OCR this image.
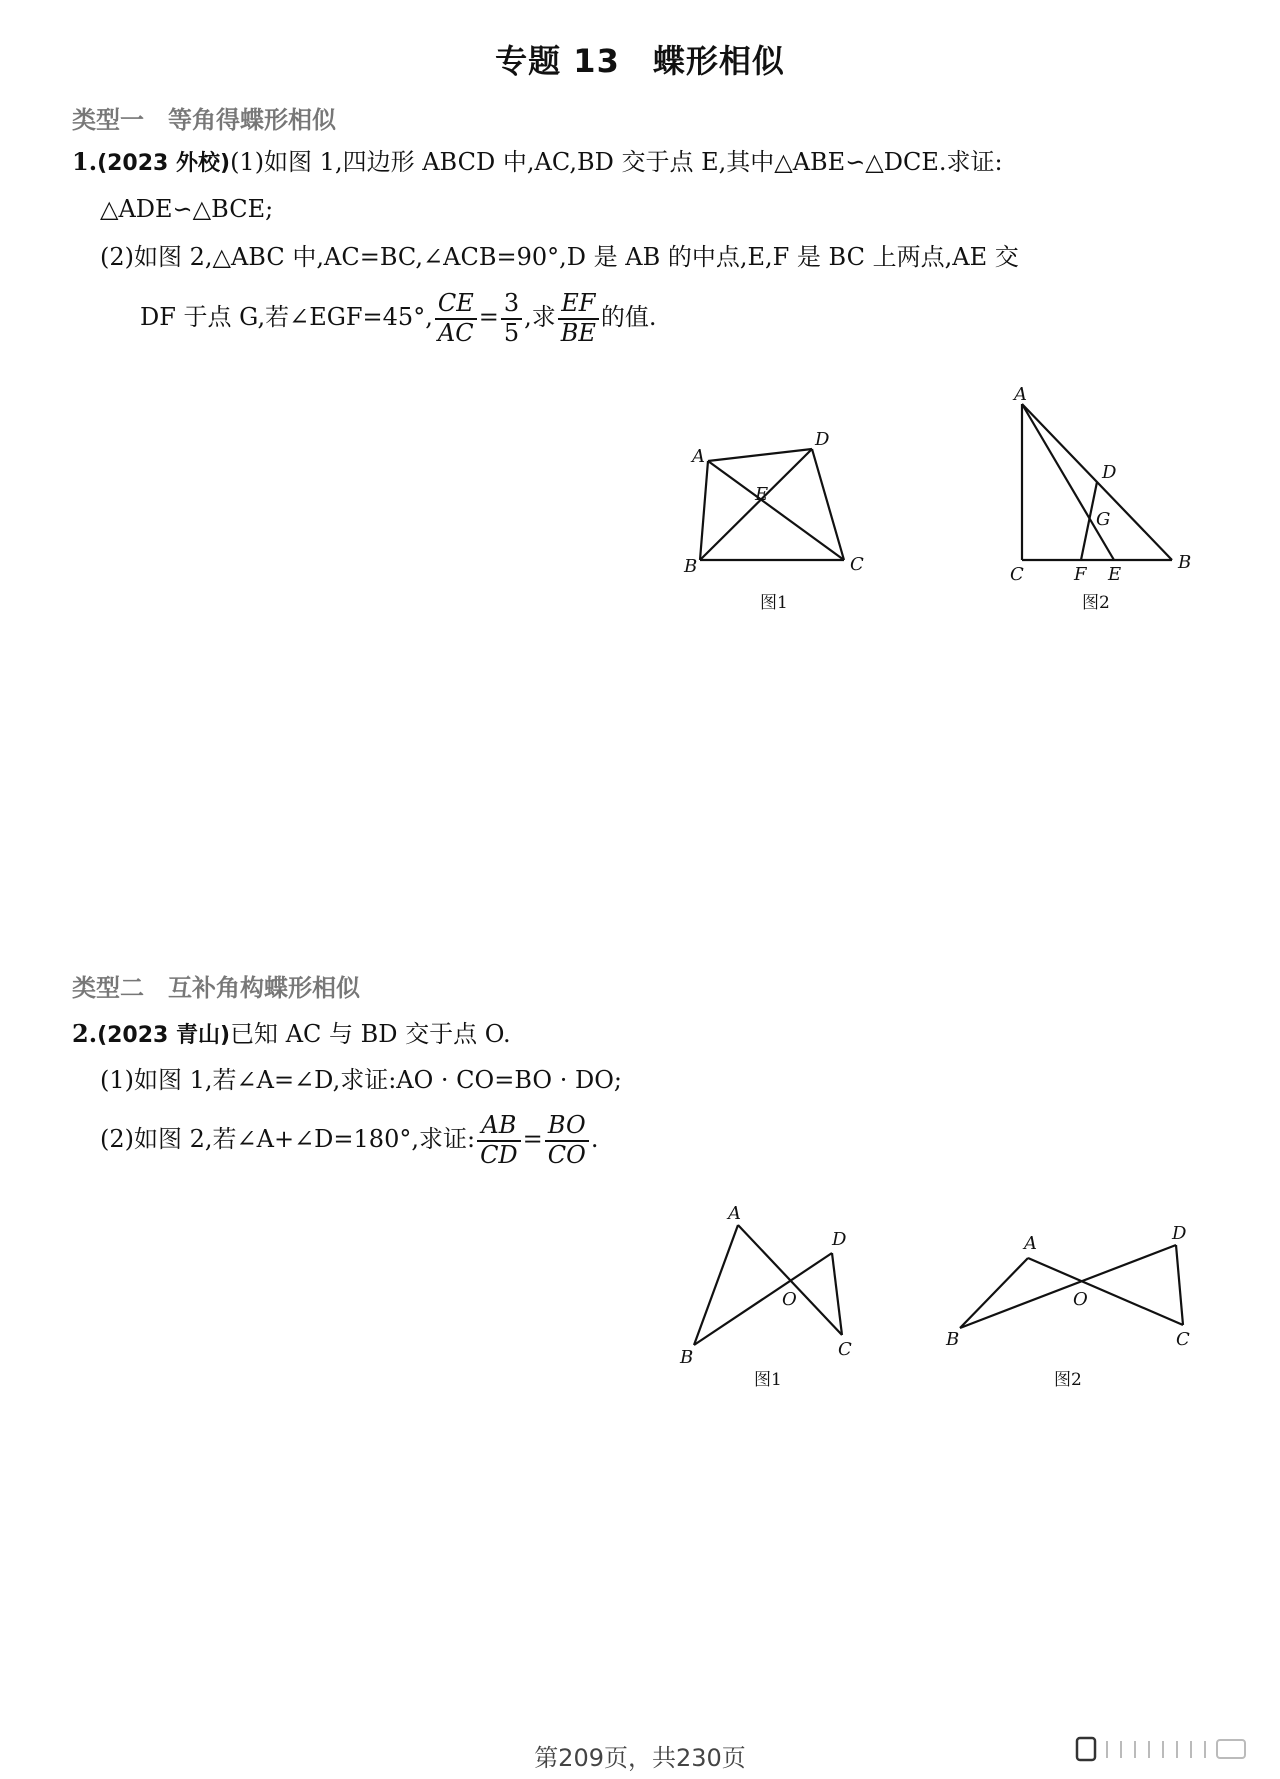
专题 13　蝶形相似
类型一　等角得蝶形相似
1.(2023 外校)(1)如图 1,四边形 ABCD 中,AC,BD 交于点 E,其中△ABE∽△DCE.求证:
△ADE∽△BCE;
(2)如图 2,△ABC 中,AC=BC,∠ACB=90°,D 是 AB 的中点,E,F 是 BC 上两点,AE 交
DF 于点 G,若∠EGF=45°, $\frac{CE}{AC} = \frac{3}{5}$ ,求 $\frac{EF}{BE}$ 的值.
A
D
E
B	C
图1
A
D
G
C	F E
B
图2
类型二　互补角构蝶形相似
2.(2023 青山)已知 AC 与 BD 交于点 O.
(1)如图 1,若∠A=∠D,求证:AO · CO=BO · DO;
(2)如图 2,若∠A+∠D=180°,求证: $\frac{AB}{CD} = \frac{BO}{CO}$ .
A
D
O
B	C
图1
A	D
O
B	C
图2
第209页，共230页
